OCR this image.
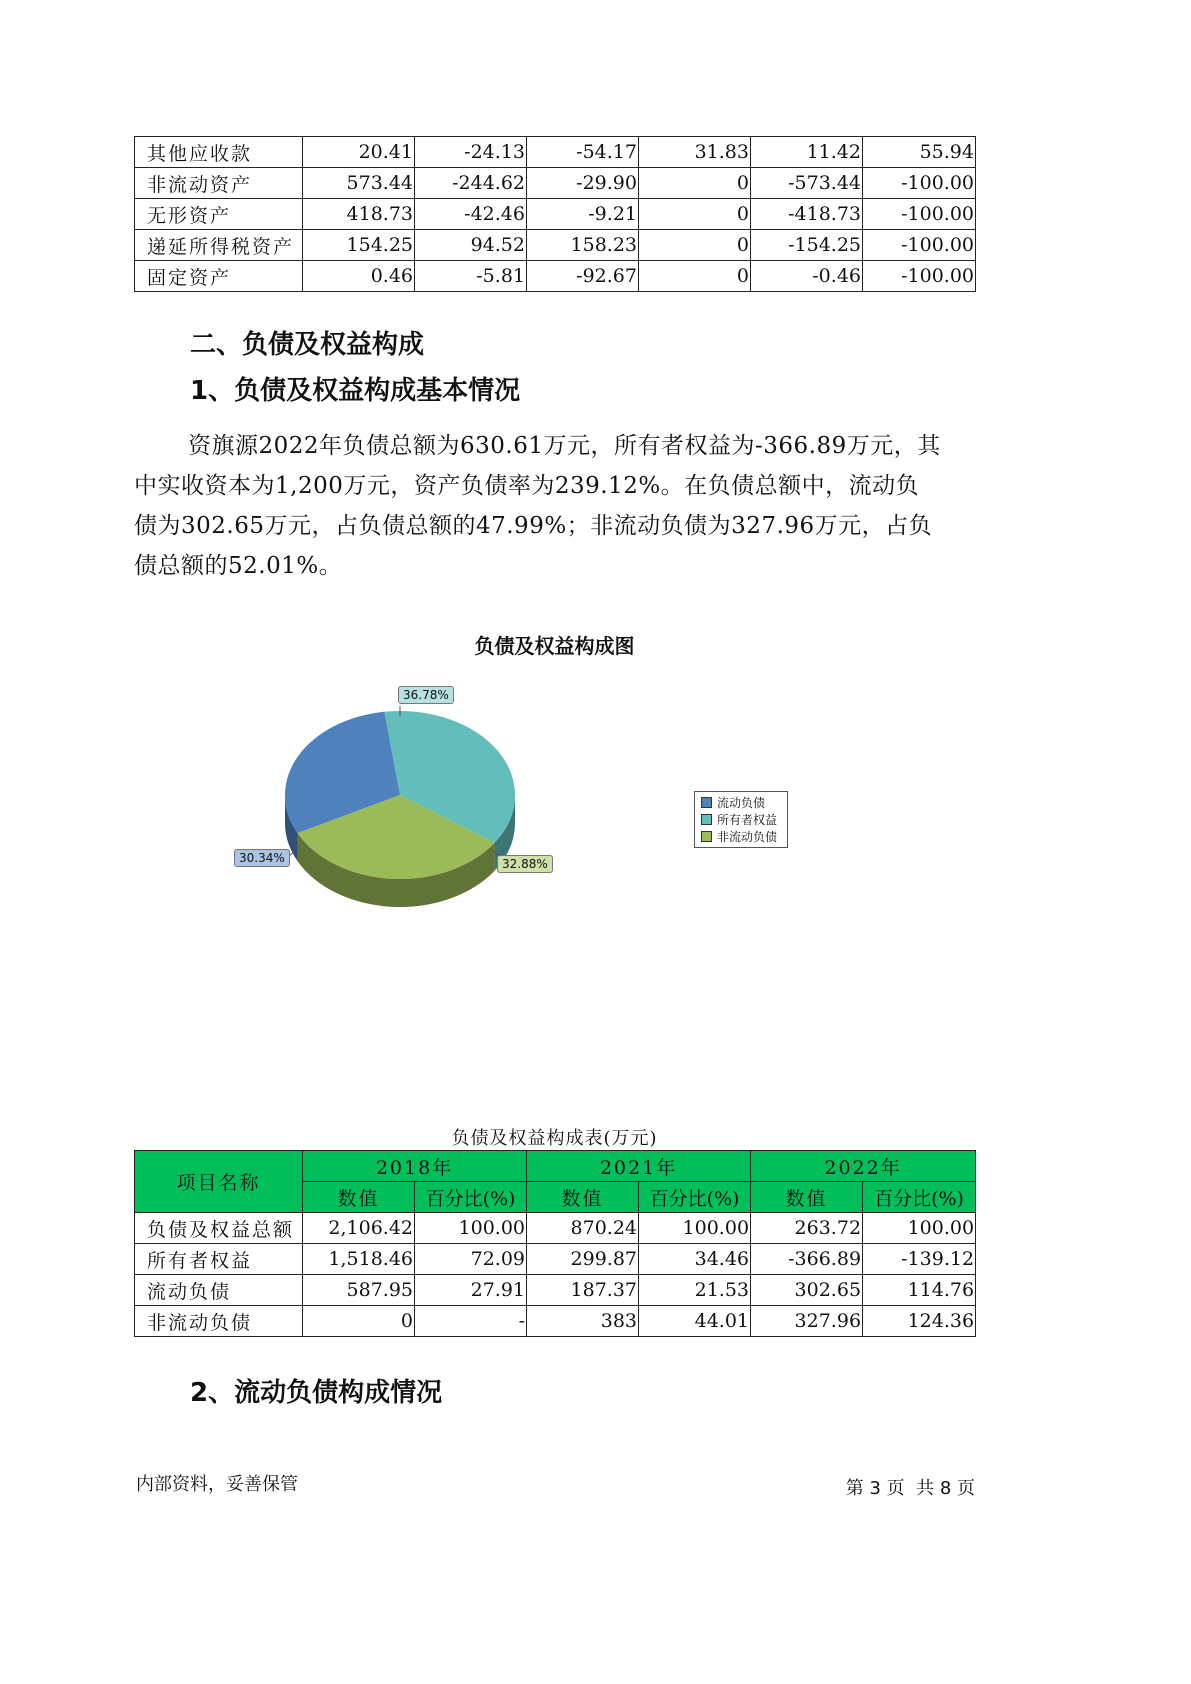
其他应收款	20.41	-24.13	-54.17	31.83	11.42	55.94
非流动资产	573.44	-244.62	-29.90	0	-573.44	-100.00
无形资产	418.73	-42.46	-9.21	0	-418.73	-100.00
递延所得税资产	154.25	94.52	158.23	0	-154.25	-100.00
固定资产	0.46	-5.81	-92.67	0	-0.46	-100.00
二、负债及权益构成
1、负债及权益构成基本情况
资旗源2022年负债总额为630.61万元，所有者权益为-366.89万元，其
中实收资本为1,200万元，资产负债率为239.12%。在负债总额中，流动负
债为302.65万元，占负债总额的47.99%；非流动负债为327.96万元，占负
债总额的52.01%。
负债及权益构成图
36.78%
30.34%	32.88%
流动负债
所有者权益
非流动负债
负债及权益构成表(万元)
项目名称	2018年		2021年		2022年	
	数值	百分比(%)	数值	百分比(%)	数值	百分比(%)
负债及权益总额	2,106.42	100.00	870.24	100.00	263.72	100.00
所有者权益	1,518.46	72.09	299.87	34.46	-366.89	-139.12
流动负债	587.95	27.91	187.37	21.53	302.65	114.76
非流动负债	0	-	383	44.01	327.96	124.36
2、流动负债构成情况
内部资料，妥善保管	第 3 页  共 8 页
